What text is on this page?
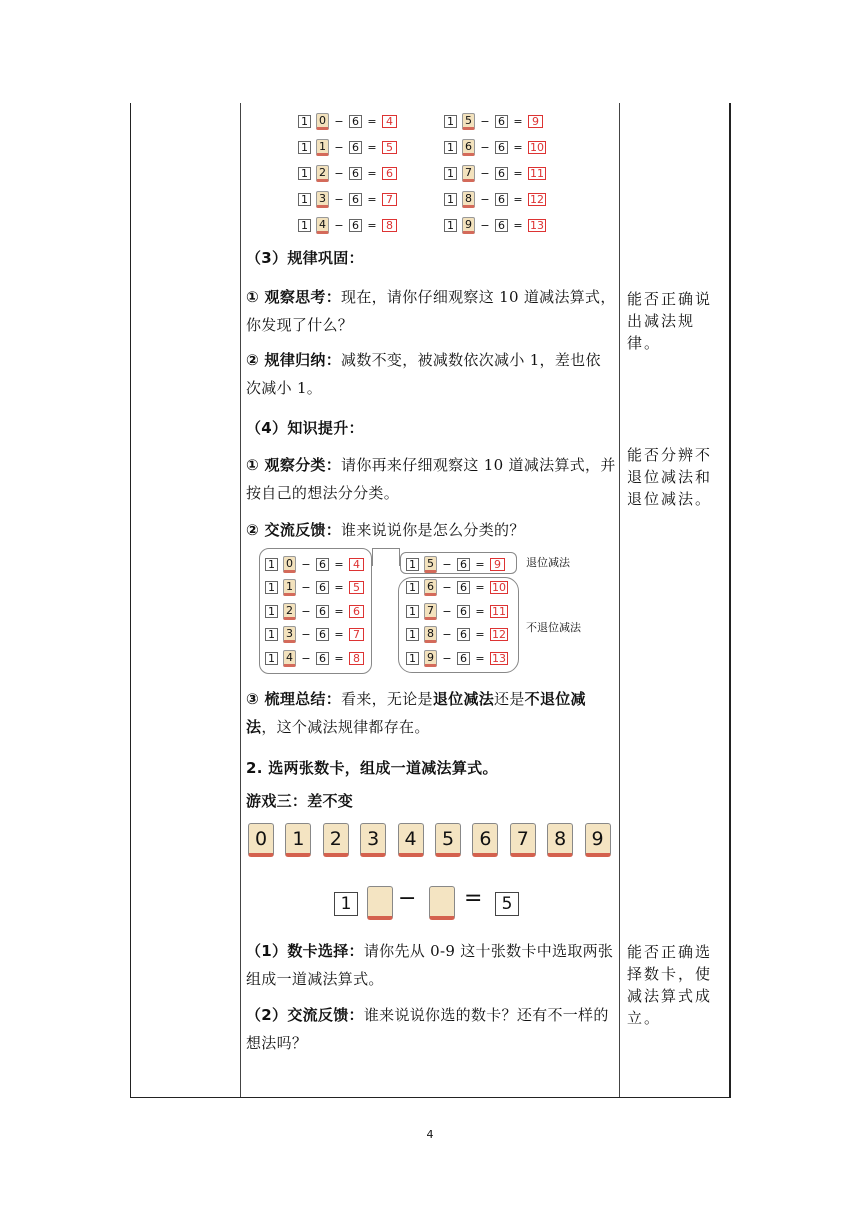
（3）规律巩固：
① 观察思考：现在，请你仔细观察这 10 道减法算式，你发现了什么？
② 规律归纳：减数不变，被减数依次减小 1，差也依次减小 1。
（4）知识提升：
① 观察分类：请你再来仔细观察这 10 道减法算式，并按自己的想法分分类。
② 交流反馈：谁来说说你是怎么分类的？
退位减法
不退位减法
③ 梳理总结：看来，无论是退位减法还是不退位减法，这个减法规律都存在。
2. 选两张数卡，组成一道减法算式。
游戏三：差不变
1 − =	5
（1）数卡选择：请你先从 0-9 这十张数卡中选取两张组成一道减法算式。
（2）交流反馈：谁来说说你选的数卡？还有不一样的想法吗？
能否正确说出减法规律。
能否分辨不退位减法和退位减法。
能否正确选择数卡，使减法算式成立。
4
1 0 − 6 = 4	1 5 − 6 = 9
1 1 − 6 = 5	1 6 − 6 = 10
1 2 − 6 = 6	1 7 − 6 = 11
1 3 − 6 = 7	1 8 − 6 = 12
1 4 − 6 = 8	1 9 − 6 = 13
1 0 − 6 = 4	1 5 − 6 = 9
1 1 − 6 = 5	1 6 − 6 = 10
1 2 − 6 = 6	1 7 − 6 = 11
1 3 − 6 = 7	1 8 − 6 = 12
1 4 − 6 = 8	1 9 − 6 = 13
0	1	2	3	4	5	6	7	8	9
